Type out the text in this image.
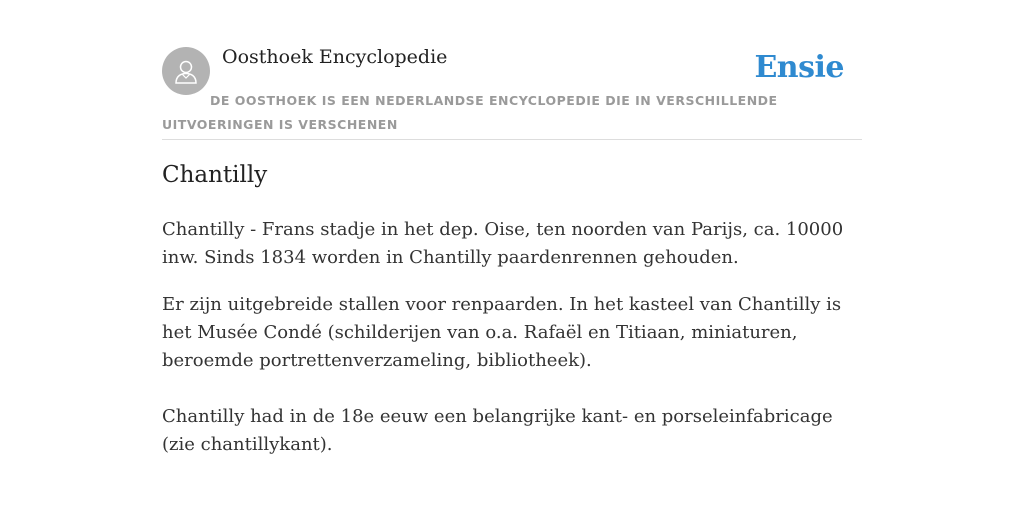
Oosthoek Encyclopedie	Ensie
DE OOSTHOEK IS EEN NEDERLANDSE ENCYCLOPEDIE DIE IN VERSCHILLENDE UITVOERINGEN IS VERSCHENEN
Chantilly

Chantilly - Frans stadje in het dep. Oise, ten noorden van Parijs, ca. 10000 inw. Sinds 1834 worden in Chantilly paardenrennen gehouden.

Er zijn uitgebreide stallen voor renpaarden. In het kasteel van Chantilly is het Musée Condé (schilderijen van o.a. Rafaël en Titiaan, miniaturen, beroemde portrettenverzameling, bibliotheek).

Chantilly had in de 18e eeuw een belangrijke kant- en porseleinfabricage (zie chantillykant).
